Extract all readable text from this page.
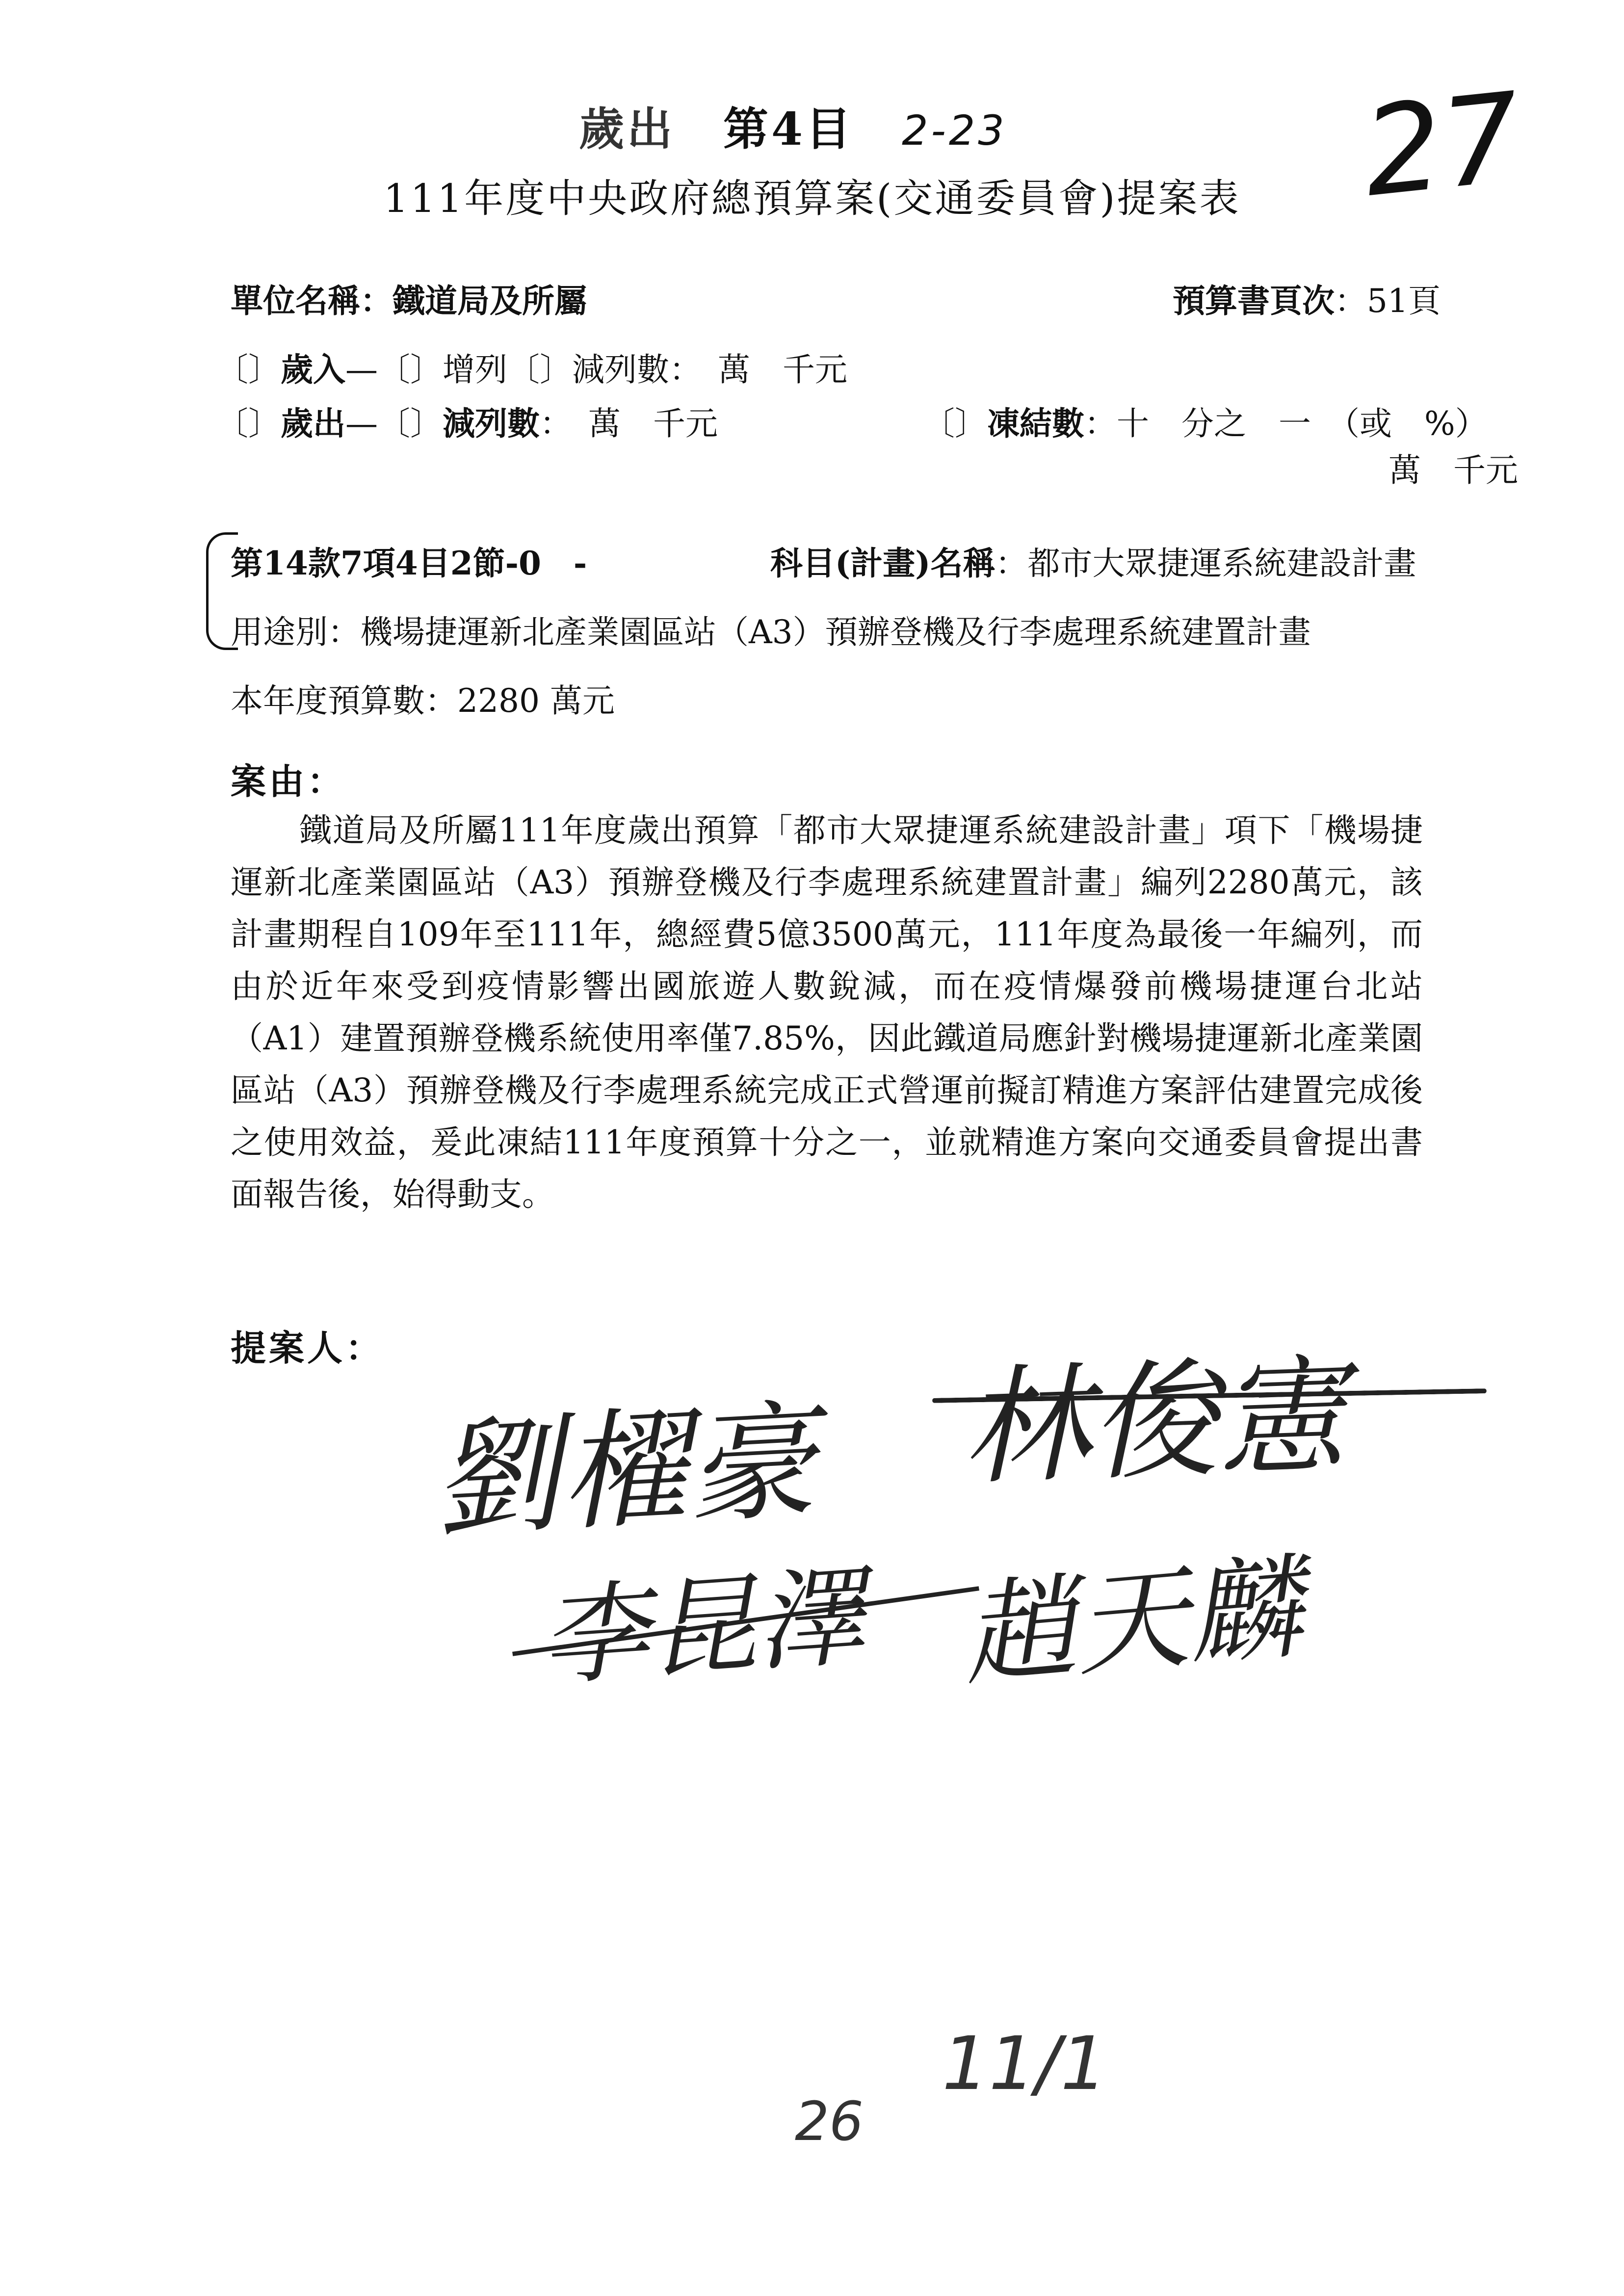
歲出 第4目 2-23	27
111年度中央政府總預算案(交通委員會)提案表
單位名稱：鐵道局及所屬	預算書頁次：51頁
〔〕歲入—〔〕增列〔〕減列數：　萬　千元
〔〕歲出—〔〕減列數：　萬　千元	〔〕凍結數：十　分之　一　（或　%）
萬　千元
第14款7項4目2節-0　-	科目(計畫)名稱：都市大眾捷運系統建設計畫
用途別：機場捷運新北產業園區站（A3）預辦登機及行李處理系統建置計畫
本年度預算數：2280 萬元
案由：
鐵道局及所屬111年度歲出預算「都市大眾捷運系統建設計畫」項下「機場捷運新北產業園區站（A3）預辦登機及行李處理系統建置計畫」編列2280萬元，該計畫期程自109年至111年，總經費5億3500萬元，111年度為最後一年編列，而由於近年來受到疫情影響出國旅遊人數銳減，而在疫情爆發前機場捷運台北站（A1）建置預辦登機系統使用率僅7.85%，因此鐵道局應針對機場捷運新北產業園區站（A3）預辦登機及行李處理系統完成正式營運前擬訂精進方案評估建置完成後之使用效益，爰此凍結111年度預算十分之一，並就精進方案向交通委員會提出書面報告後，始得動支。
提案人：
劉櫂豪 林俊憲
李昆澤 趙天麟
26
11/1
